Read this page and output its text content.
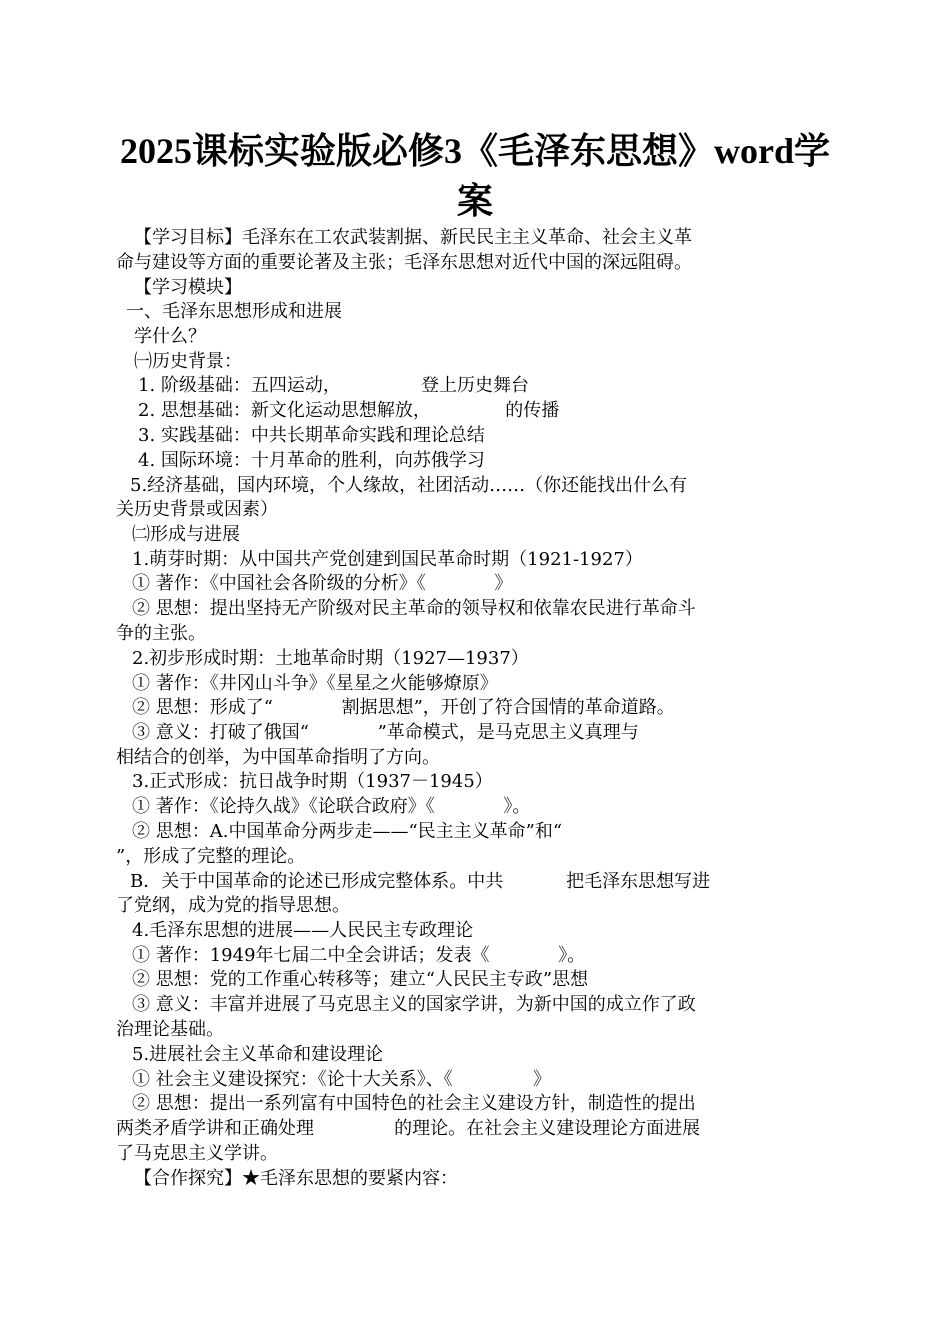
2025课标实验版必修3《毛泽东思想》word学
案
【学习目标】毛泽东在工农武装割据、新民民主主义革命、社会主义革
命与建设等方面的重要论著及主张；毛泽东思想对近代中国的深远阻碍。
【学习模块】
一、毛泽东思想形成和进展
学什么？
㈠历史背景：
1. 阶级基础：五四运动，              登上历史舞台
2. 思想基础：新文化运动思想解放，             的传播
3. 实践基础：中共长期革命实践和理论总结
4. 国际环境：十月革命的胜利，向苏俄学习
5.经济基础，国内环境，个人缘故，社团活动……（你还能找出什么有
关历史背景或因素）
㈡形成与进展
1.萌芽时期：从中国共产党创建到国民革命时期（1921-1927）
① 著作：《中国社会各阶级的分析》《            》
② 思想：提出坚持无产阶级对民主革命的领导权和依靠农民进行革命斗
争的主张。
2.初步形成时期：土地革命时期（1927—1937）
① 著作：《井冈山斗争》《星星之火能够燎原》
② 思想：形成了“            割据思想”，开创了符合国情的革命道路。
③ 意义：打破了俄国“            ”革命模式，是马克思主义真理与
相结合的创举，为中国革命指明了方向。
3.正式形成：抗日战争时期（1937－1945）
① 著作：《论持久战》《论联合政府》《            》。
② 思想：A.中国革命分两步走——“民主主义革命”和“
”，形成了完整的理论。
B．关于中国革命的论述已形成完整体系。中共           把毛泽东思想写进
了党纲，成为党的指导思想。
4.毛泽东思想的进展——人民民主专政理论
① 著作：1949年七届二中全会讲话；发表《            》。
② 思想：党的工作重心转移等；建立“人民民主专政”思想
③ 意义：丰富并进展了马克思主义的国家学讲，为新中国的成立作了政
治理论基础。
5.进展社会主义革命和建设理论
① 社会主义建设探究：《论十大关系》、《              》
② 思想：提出一系列富有中国特色的社会主义建设方针，制造性的提出
两类矛盾学讲和正确处理              的理论。在社会主义建设理论方面进展
了马克思主义学讲。
【合作探究】★毛泽东思想的要紧内容：
